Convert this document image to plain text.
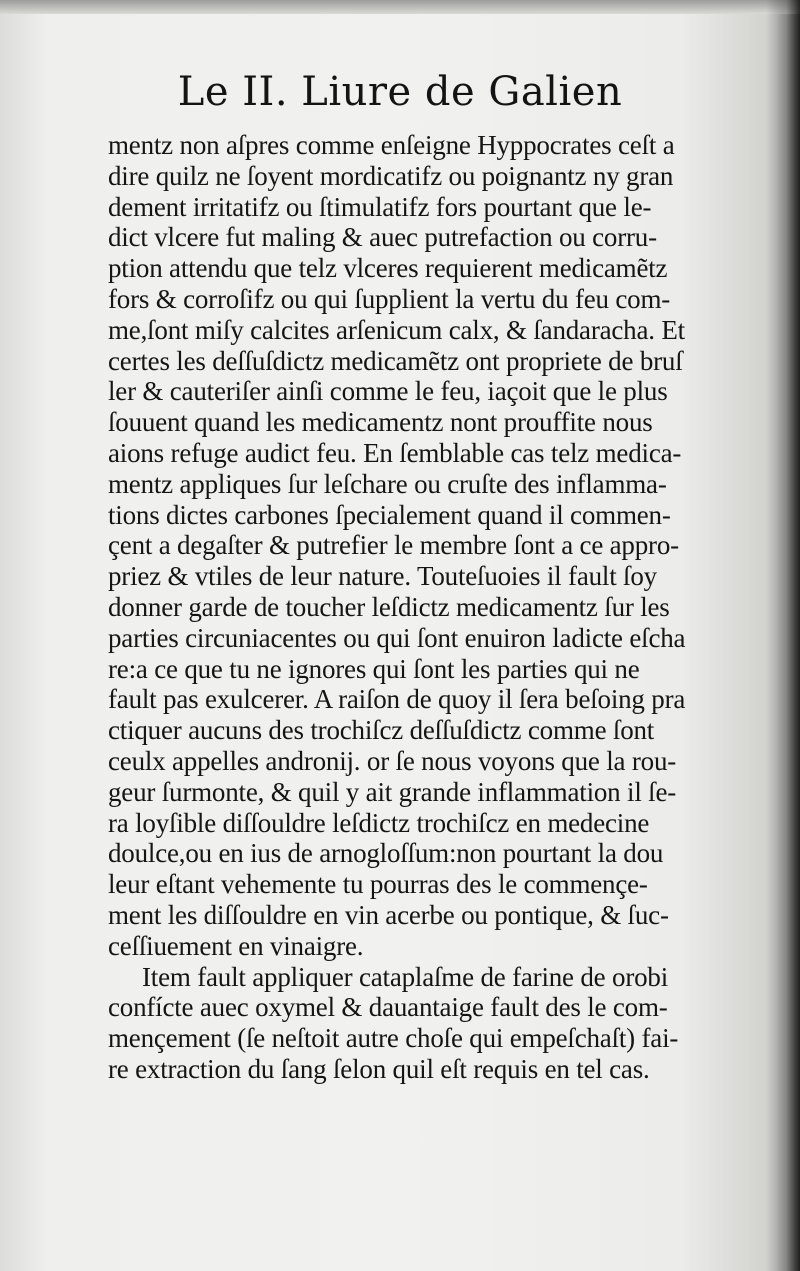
Le II. Liure de Galien
mentz non aſpres comme enſeigne Hyppocrates ceſt a
dire quilz ne ſoyent mordicatifz ou poignantz ny gran
dement irritatifz ou ſtimulatifz fors pourtant que le-
dict vlcere fut maling & auec putrefaction ou corru-
ption attendu que telz vlceres requierent medicamẽtz
fors & corroſifz ou qui ſupplient la vertu du feu com-
me,ſont miſy calcites arſenicum calx, & ſandaracha. Et
certes les deſſuſdictz medicamẽtz ont propriete de bruſ
ler & cauteriſer ainſi comme le feu, iaçoit que le plus
ſouuent quand les medicamentz nont prouffite nous
aions refuge audict feu. En ſemblable cas telz medica-
mentz appliques ſur leſchare ou cruſte des inflamma-
tions dictes carbones ſpecialement quand il commen-
çent a degaſter & putrefier le membre ſont a ce appro-
priez & vtiles de leur nature. Touteſuoies il fault ſoy
donner garde de toucher leſdictz medicamentz ſur les
parties circuniacentes ou qui ſont enuiron ladicte eſcha
re:a ce que tu ne ignores qui ſont les parties qui ne
fault pas exulcerer. A raiſon de quoy il ſera beſoing pra
ctiquer aucuns des trochiſcz deſſuſdictz comme ſont
ceulx appelles andronij. or ſe nous voyons que la rou-
geur ſurmonte, & quil y ait grande inflammation il ſe-
ra loyſible diſſouldre leſdictz trochiſcz en medecine
doulce,ou en ius de arnogloſſum:non pourtant la dou
leur eſtant vehemente tu pourras des le commençe-
ment les diſſouldre en vin acerbe ou pontique, & ſuc-
ceſſiuement en vinaigre.
Item fault appliquer cataplaſme de farine de orobi
confícte auec oxymel & dauantaige fault des le com-
mençement (ſe neſtoit autre choſe qui empeſchaſt) fai-
re extraction du ſang ſelon quil eſt requis en tel cas.
